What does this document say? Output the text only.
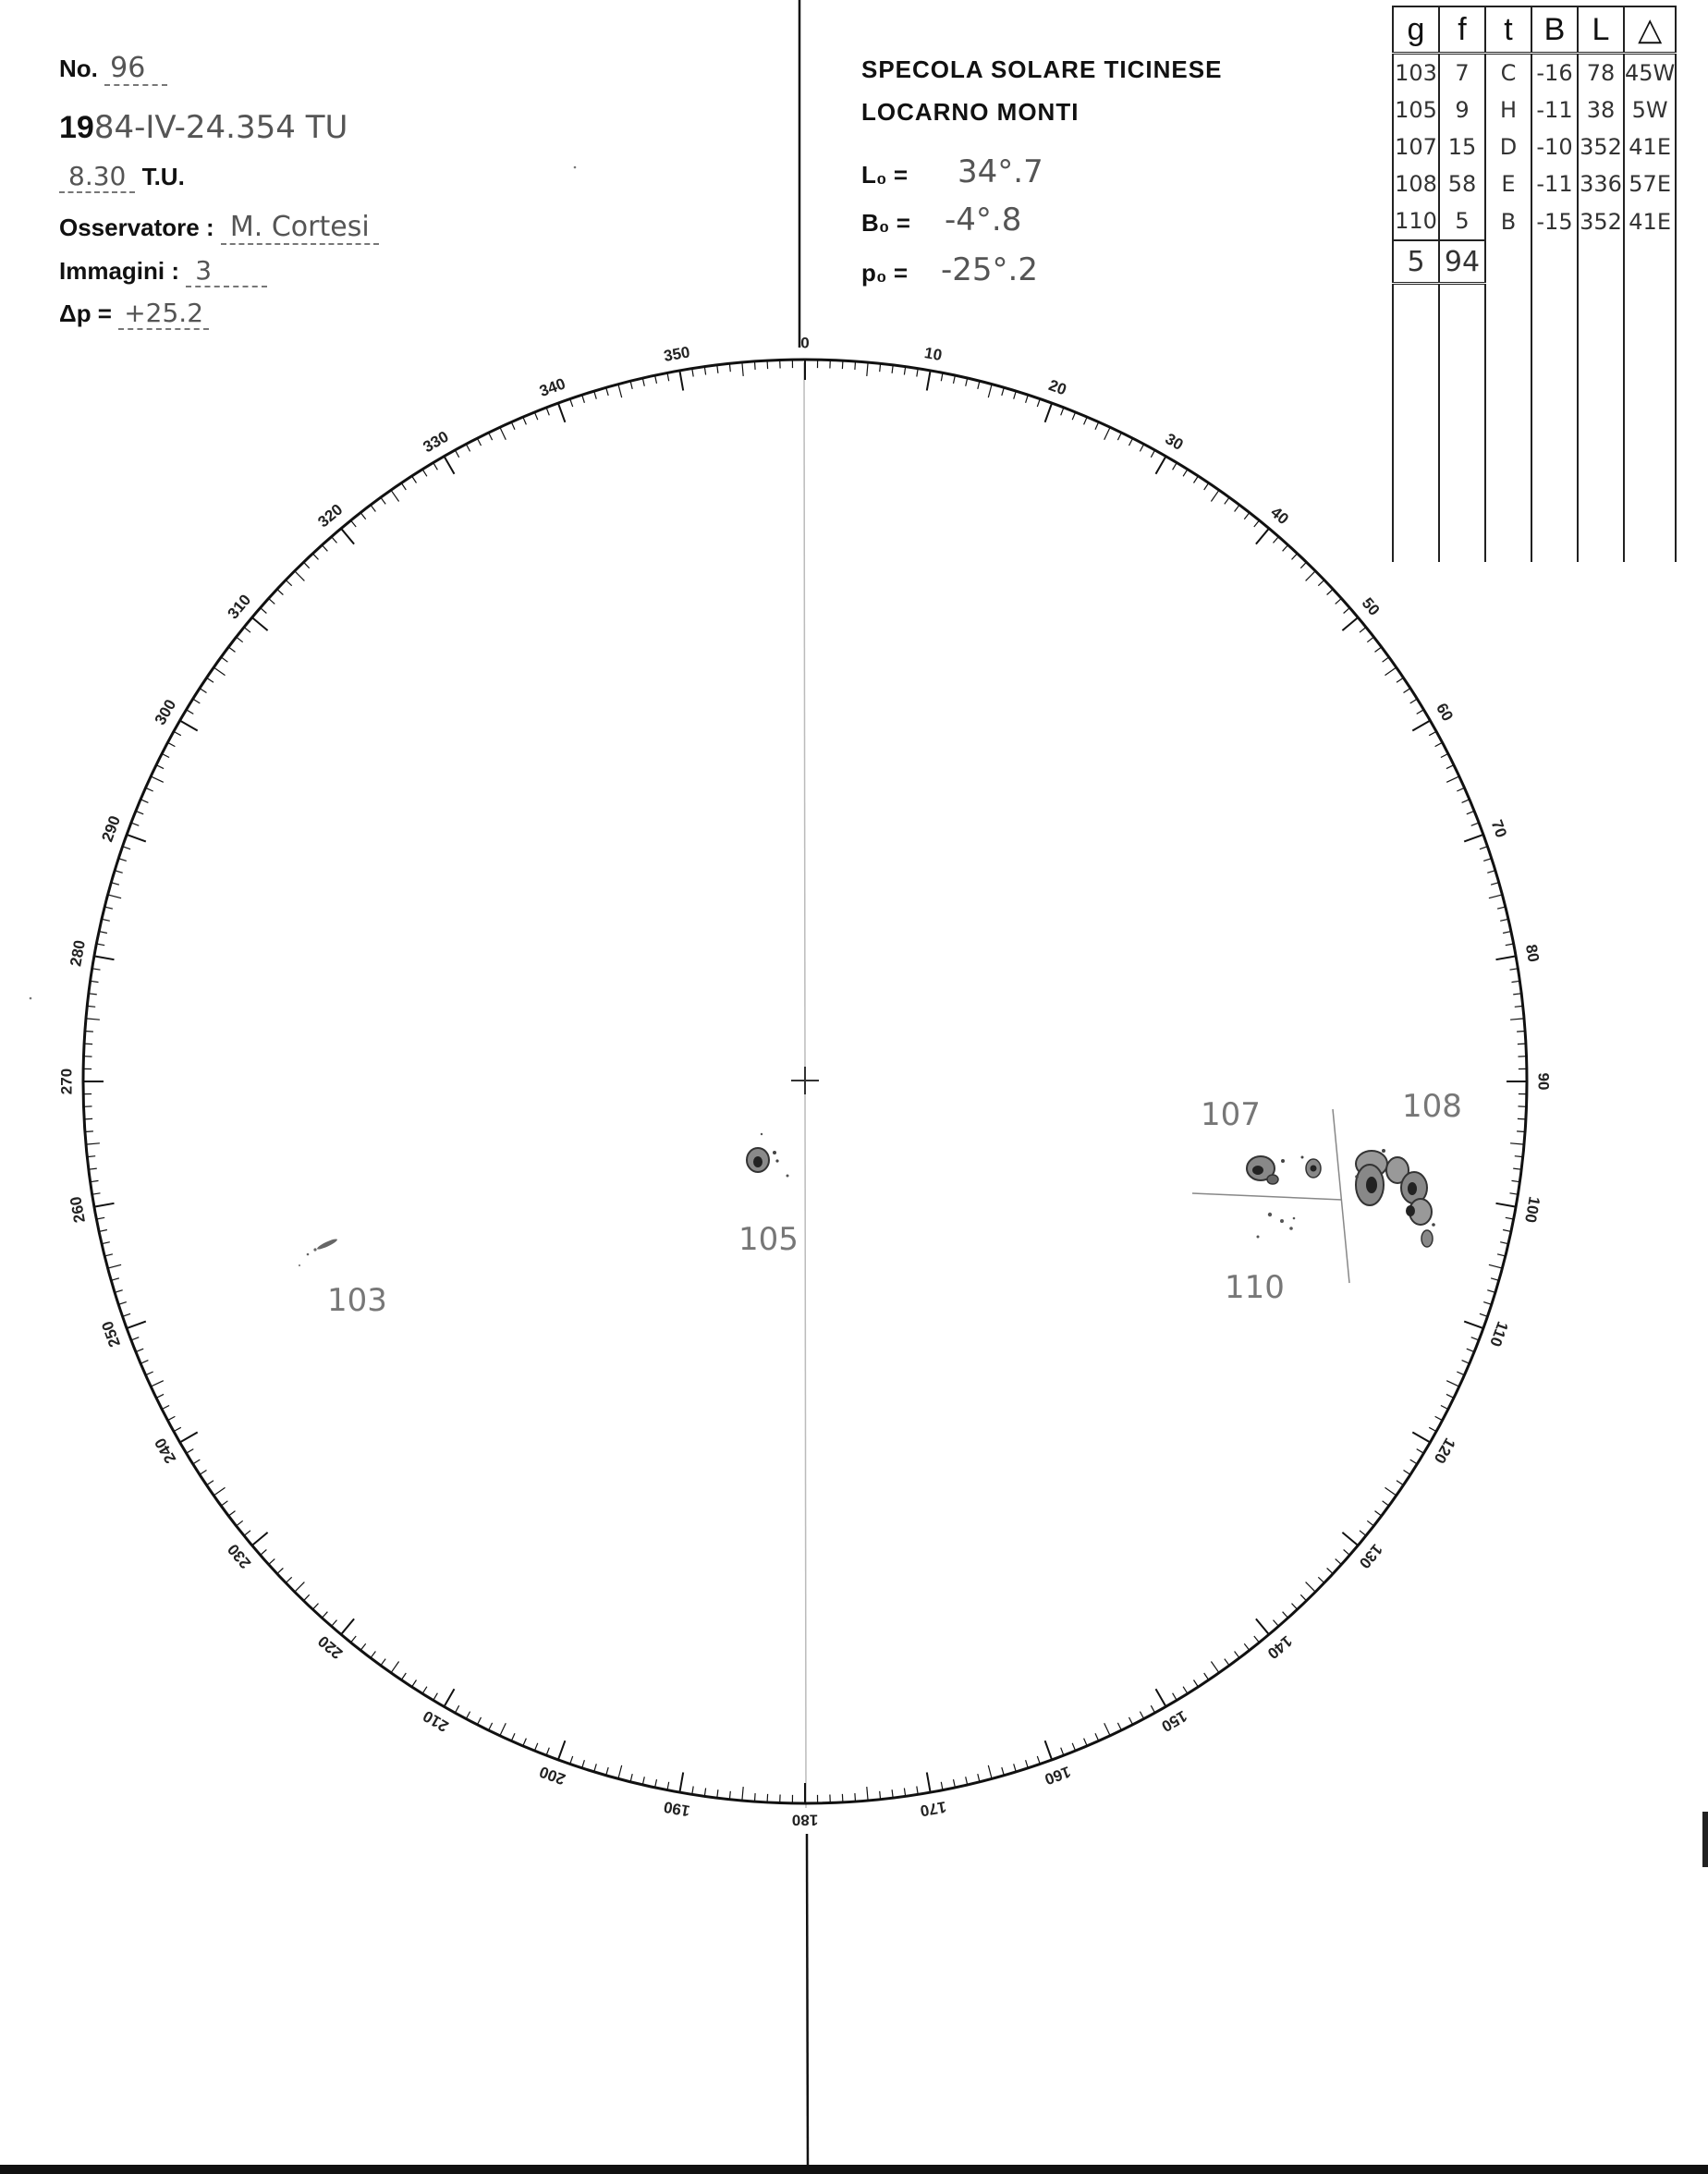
No. 96
1984-IV-24.354 TU
8.30 T.U.
Osservatore : M. Cortesi
Immagini : 3
Δp = +25.2
SPECOLA SOLARE TICINESE
LOCARNO MONTI
L₀ = 34°.7
B₀ = -4°.8
p₀ = -25°.2
g	f	t	B	L	△
103	7	C	-16	78	45W
105	9	H	-11	38	5W
107	15	D	-10	352	41E
108	58	E	-11	336	57E
110	5	B	-15	352	41E
5	94				

0
10
20
30
40
50
60
70
80
90
100
110
120
130
140
150
160
170
180
190
200
210
220
230
240
250
260
270
280
290
300
310
320
330
340
350
103
105
107	108
110
